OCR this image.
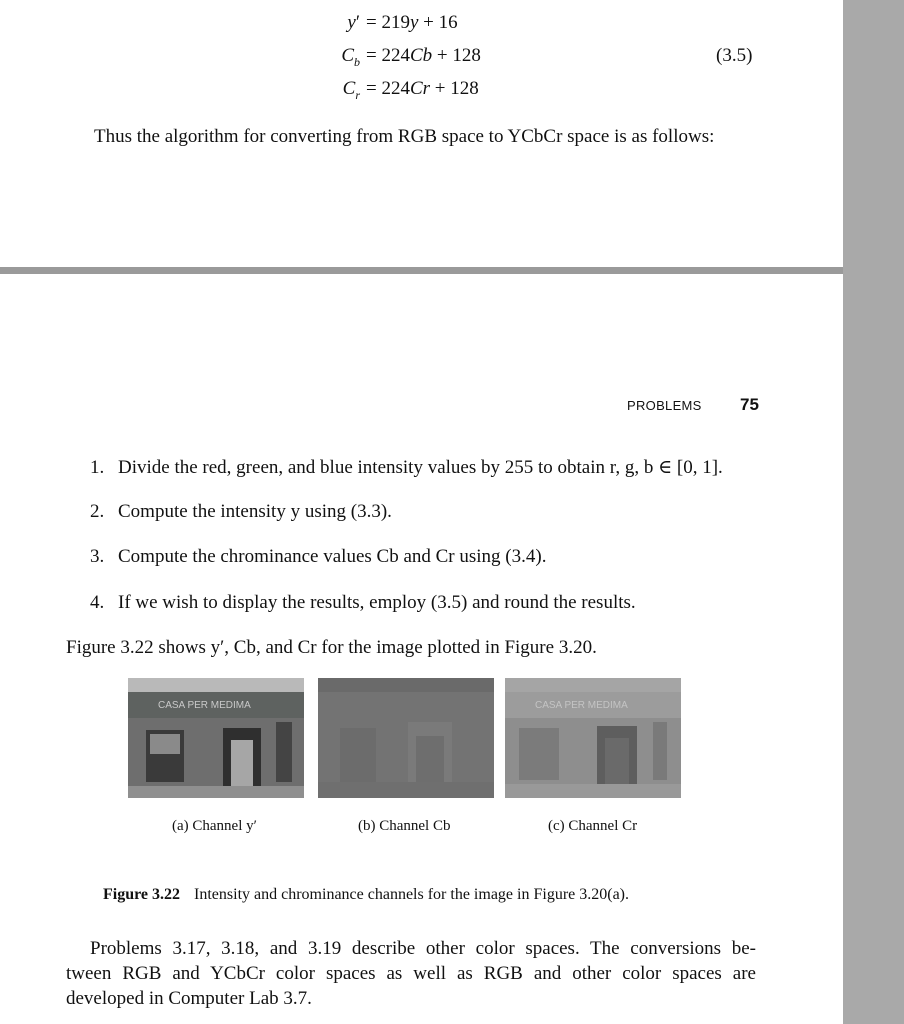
y′ = 219y + 16
$C_b = 224Cb + 128$
$C_r = 224Cr + 128$
(3.5)
Thus the algorithm for converting from RGB space to YCbCr space is as follows:
PROBLEMS 75
1. Divide the red, green, and blue intensity values by 255 to obtain r, g, b ∈ [0, 1].
2. Compute the intensity y using (3.3).
3. Compute the chrominance values Cb and Cr using (3.4).
4. If we wish to display the results, employ (3.5) and round the results.
Figure 3.22 shows y′, Cb, and Cr for the image plotted in Figure 3.20.
CASA PER MEDIMA	CASA PER MEDIMA
(a) Channel y′	(b) Channel Cb	(c) Channel Cr
Figure 3.22 Intensity and chrominance channels for the image in Figure 3.20(a).
Problems 3.17, 3.18, and 3.19 describe other color spaces. The conversions be-
tween RGB and YCbCr color spaces as well as RGB and other color spaces are
developed in Computer Lab 3.7.
